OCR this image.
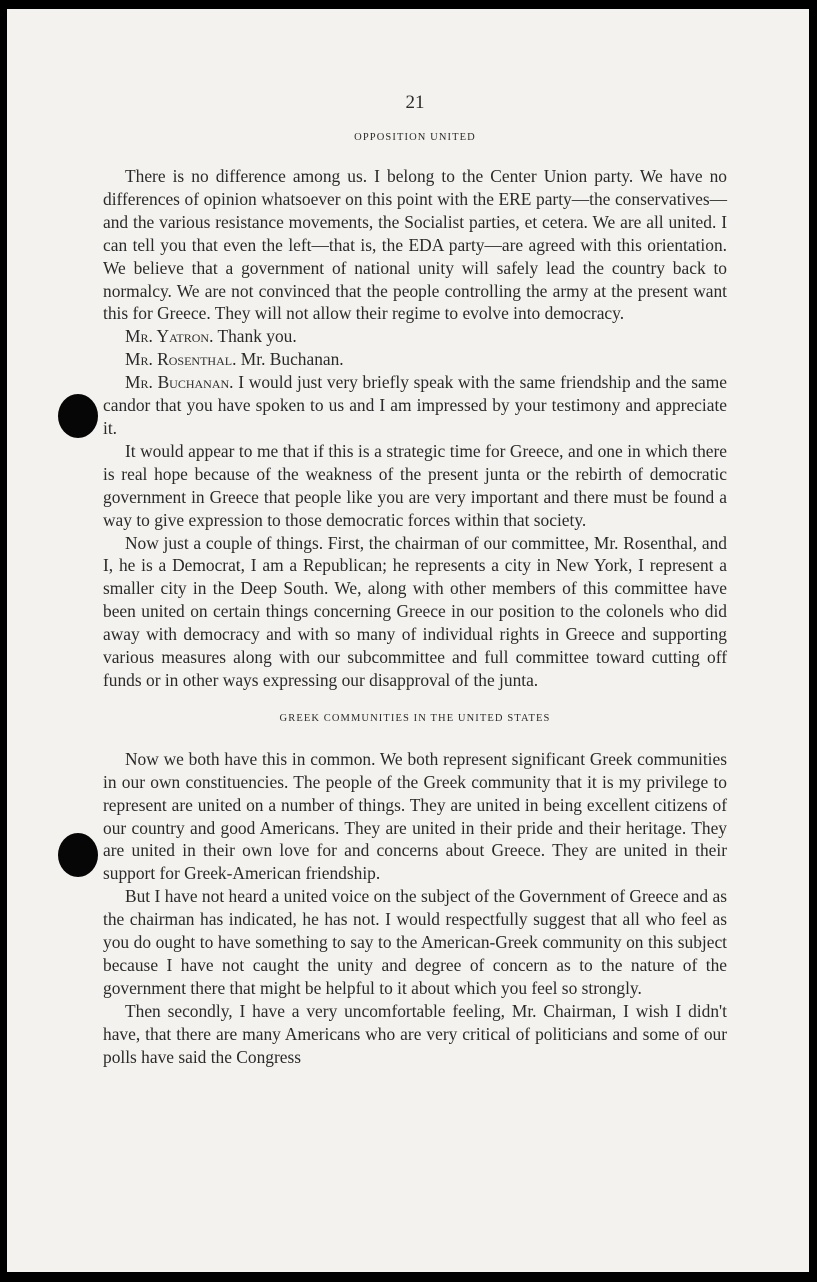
21
OPPOSITION UNITED

There is no difference among us. I belong to the Center Union party. We have no differences of opinion whatsoever on this point with the ERE party—the conservatives—and the various resistance movements, the Socialist parties, et cetera. We are all united. I can tell you that even the left—that is, the EDA party—are agreed with this orientation. We believe that a government of national unity will safely lead the country back to normalcy. We are not convinced that the people controlling the army at the present want this for Greece. They will not allow their regime to evolve into democracy.

Mr. Yatron. Thank you.

Mr. Rosenthal. Mr. Buchanan.

Mr. Buchanan. I would just very briefly speak with the same friendship and the same candor that you have spoken to us and I am impressed by your testimony and appreciate it.

It would appear to me that if this is a strategic time for Greece, and one in which there is real hope because of the weakness of the present junta or the rebirth of democratic government in Greece that people like you are very important and there must be found a way to give expression to those democratic forces within that society.

Now just a couple of things. First, the chairman of our committee, Mr. Rosenthal, and I, he is a Democrat, I am a Republican; he represents a city in New York, I represent a smaller city in the Deep South. We, along with other members of this committee have been united on certain things concerning Greece in our position to the colonels who did away with democracy and with so many of individual rights in Greece and supporting various measures along with our subcommittee and full committee toward cutting off funds or in other ways expressing our disapproval of the junta.

GREEK COMMUNITIES IN THE UNITED STATES

Now we both have this in common. We both represent significant Greek communities in our own constituencies. The people of the Greek community that it is my privilege to represent are united on a number of things. They are united in being excellent citizens of our country and good Americans. They are united in their pride and their heritage. They are united in their own love for and concerns about Greece. They are united in their support for Greek-American friendship.

But I have not heard a united voice on the subject of the Government of Greece and as the chairman has indicated, he has not. I would respectfully suggest that all who feel as you do ought to have something to say to the American-Greek community on this subject because I have not caught the unity and degree of concern as to the nature of the government there that might be helpful to it about which you feel so strongly.

Then secondly, I have a very uncomfortable feeling, Mr. Chairman, I wish I didn't have, that there are many Americans who are very critical of politicians and some of our polls have said the Congress
